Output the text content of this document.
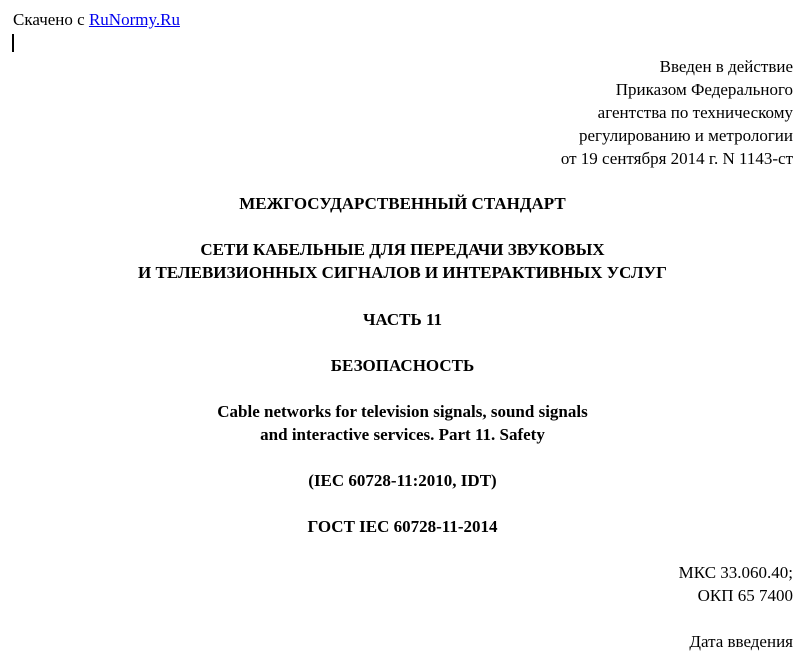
Скачено с RuNormy.Ru
Введен в действие
Приказом Федерального
агентства по техническому
регулированию и метрологии
от 19 сентября 2014 г. N 1143-ст
МЕЖГОСУДАРСТВЕННЫЙ СТАНДАРТ
СЕТИ КАБЕЛЬНЫЕ ДЛЯ ПЕРЕДАЧИ ЗВУКОВЫХ
И ТЕЛЕВИЗИОННЫХ СИГНАЛОВ И ИНТЕРАКТИВНЫХ УСЛУГ
ЧАСТЬ 11
БЕЗОПАСНОСТЬ
Cable networks for television signals, sound signals
and interactive services. Part 11. Safety
(IEC 60728-11:2010, IDT)
ГОСТ IEC 60728-11-2014
МКС 33.060.40;
ОКП 65 7400
Дата введения
